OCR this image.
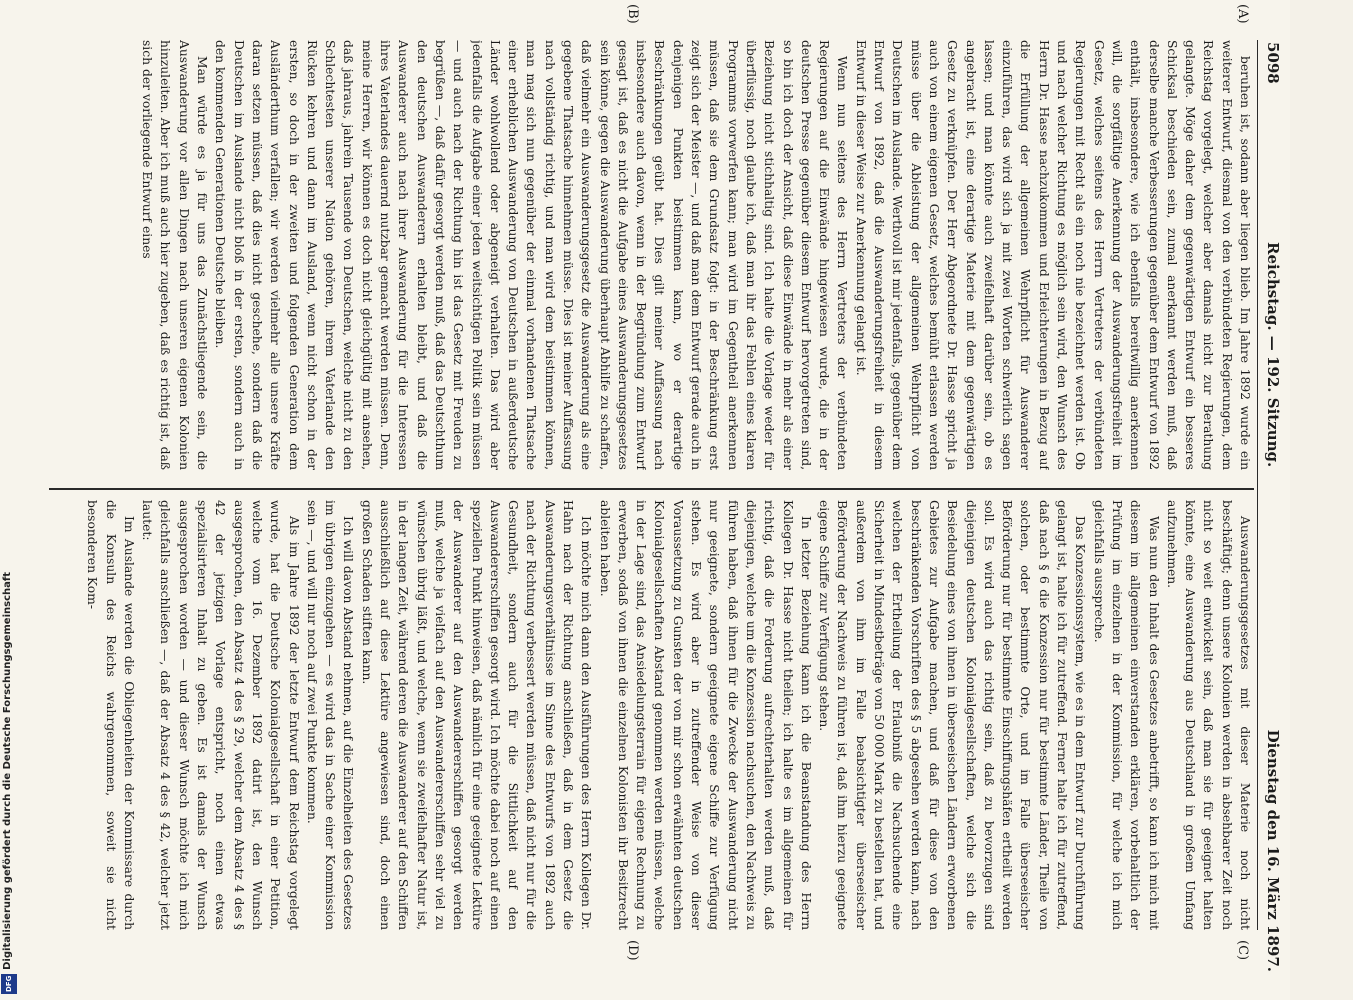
5098
Reichstag. — 192. Sitzung.
Dienstag den 16. März 1897.
(A)
(B)
(C)
(D)

beruhen ist, sodann aber liegen blieb. Im Jahre 1892 wurde ein weiterer Entwurf, diesmal von den verbündeten Regierungen, dem Reichstag vorgelegt, welcher aber damals nicht zur Berathung gelangte. Möge daher dem gegenwärtigen Entwurf ein besseres Schicksal beschieden sein, zumal anerkannt werden muß, daß derselbe manche Verbesserungen gegenüber dem Entwurf von 1892 enthält, insbesondere, wie ich ebenfalls bereitwillig anerkennen will, die sorgfältige Anerkennung der Auswanderungsfreiheit im Gesetz, welches seitens des Herrn Vertreters der verbündeten Regierungen mit Recht als ein noch nie bezeichnet werden ist. Ob und nach welcher Richtung es möglich sein wird, den Wunsch des Herrn Dr. Hasse nachzukommen und Erleichterungen in Bezug auf die Erfüllung der allgemeinen Wehrpflicht für Auswanderer einzuführen, das wird sich ja mit zwei Worten schwerlich sagen lassen; und man könnte auch zweifelhaft darüber sein, ob es angebracht ist, eine derartige Materie mit dem gegenwärtigen Gesetz zu verknüpfen. Der Herr Abgeordnete Dr. Hasse spricht ja auch von einem eigenen Gesetz, welches bemüht erlassen werden müsse über die Ableistung der allgemeinen Wehrpflicht von Deutschen im Auslande. Werthvoll ist mir jedenfalls, gegenüber dem Entwurf von 1892, daß die Auswanderungsfreiheit in diesem Entwurf in dieser Weise zur Anerkennung gelangt ist.

Wenn nun seitens des Herrn Vertreters der verbündeten Regierungen auf die Einwände hingewiesen wurde, die in der deutschen Presse gegenüber diesem Entwurf hervorgetreten sind, so bin ich doch der Ansicht, daß diese Einwände in mehr als einer Beziehung nicht stichhaltig sind. Ich halte die Vorlage weder für überflüssig, noch glaube ich, daß man ihr das Fehlen eines klaren Programms vorwerfen kann; man wird im Gegentheil anerkennen müssen, daß sie dem Grundsatz folgt: in der Beschränkung erst zeigt sich der Meister —, und daß man dem Entwurf gerade auch in denjenigen Punkten beistimmen kann, wo er derartige Beschränkungen geübt hat. Dies gilt meiner Auffassung nach insbesondere auch davon, wenn in der Begründung zum Entwurf gesagt ist, daß es nicht die Aufgabe eines Auswanderungsgesetzes sein könne, gegen die Auswanderung überhaupt Abhilfe zu schaffen, daß vielmehr ein Auswanderungsgesetz die Auswanderung als eine gegebene Thatsache hinnehmen müsse. Dies ist meiner Auffassung nach vollständig richtig, und man wird dem beistimmen können, man mag sich nun gegenüber der einmal vorhandenen Thatsache einer erheblichen Auswanderung von Deutschen in außerdeutsche Länder wohlwollend oder abgeneigt verhalten. Das wird aber jedenfalls die Aufgabe einer jeden weitsichtigen Politik sein müssen — und auch nach der Richtung hin ist das Gesetz mit Freuden zu begrüßen —, daß dafür gesorgt werden muß, daß das Deutschthum den deutschen Auswanderern erhalten bleibt, und daß die Auswanderer auch nach ihrer Auswanderung für die Interessen ihres Vaterlandes dauernd nutzbar gemacht werden müssen. Denn, meine Herren, wir können es doch nicht gleichgültig mit ansehen, daß jahraus, jahrein Tausende von Deutschen, welche nicht zu den Schlechtesten unserer Nation gehören, ihrem Vaterlande den Rücken kehren und dann im Ausland, wenn nicht schon in der ersten, so doch in der zweiten und folgenden Generation dem Ausländerthum verfallen; wir werden vielmehr alle unsere Kräfte daran setzen müssen, daß dies nicht geschehe, sondern daß die Deutschen im Auslande nicht bloß in der ersten, sondern auch in den kommenden Generationen Deutsche bleiben.

Man würde es ja für uns das Zunächstliegende sein, die Auswanderung vor allen Dingen nach unseren eigenen Kolonien hinzuleiten. Aber ich muß auch hier zugeben, daß es richtig ist, daß sich der vorliegende Entwurf eines

Auswanderungsgesetzes mit dieser Materie noch nicht beschäftigt; denn unsere Kolonien werden in absehbarer Zeit noch nicht so weit entwickelt sein, daß man sie für geeignet halten könnte, eine Auswanderung aus Deutschland in großem Umfang aufzunehmen.

Was nun den Inhalt des Gesetzes anbetrifft, so kann ich mich mit diesem im allgemeinen einverstanden erklären, vorbehaltlich der Prüfung im einzelnen in der Kommission, für welche ich mich gleichfalls ausspreche.

Das Konzessionssystem, wie es in dem Entwurf zur Durchführung gelangt ist, halte ich für zutreffend. Ferner halte ich für zutreffend, daß nach § 6 die Konzession nur für bestimmte Länder, Theile von solchen, oder bestimmte Orte, und im Falle überseeischer Beförderung nur für bestimmte Einschiffungshäfen ertheilt werden soll. Es wird auch das richtig sein, daß zu bevorzugen sind diejenigen deutschen Kolonialgesellschaften, welche sich die Besiedelung eines von ihnen in überseeischen Ländern erworbenen Gebietes zur Aufgabe machen, und daß für diese von den beschränkenden Vorschriften des § 5 abgesehen werden kann, nach welchen der Ertheilung der Erlaubniß die Nachsuchende eine Sicherheit in Mindestbeträge von 50 000 Mark zu bestellen hat, und außerdem von ihm im Falle beabsichtigter überseeischer Beförderung der Nachweis zu führen ist, daß ihm hierzu geeignete eigene Schiffe zur Verfügung stehen.

In letzter Beziehung kann ich die Beanstandung des Herrn Kollegen Dr. Hasse nicht theilen; ich halte es im allgemeinen für richtig, daß die Forderung aufrechterhalten werden muß, daß diejenigen, welche um die Konzession nachsuchen, den Nachweis zu führen haben, daß ihnen für die Zwecke der Auswanderung nicht nur geeignete, sondern geeignete eigene Schiffe zur Verfügung stehen. Es wird aber in zutreffender Weise von dieser Voraussetzung zu Gunsten der von mir schon erwähnten deutschen Kolonialgesellschaften Abstand genommen werden müssen, welche in der Lage sind, das Ansiedelungsterrain für eigene Rechnung zu erwerben, sodaß von ihnen die einzelnen Kolonisten ihr Besitzrecht ableiten haben.

Ich möchte mich dann den Ausführungen des Herrn Kollegen Dr. Hahn nach der Richtung anschließen, daß in dem Gesetz die Auswanderungsverhältnisse im Sinne des Entwurfs von 1892 auch nach der Richtung verbessert werden müssen, daß nicht nur für die Gesundheit, sondern auch für die Sittlichkeit auf den Auswandererschiffen gesorgt wird. Ich möchte dabei noch auf einen speziellen Punkt hinweisen, daß nämlich für eine geeignete Lektüre der Auswanderer auf den Auswandererschiffen gesorgt werden muß, welche ja vielfach auf den Auswandererschiffen sehr viel zu wünschen übrig läßt, und welche, wenn sie zweifelhafter Natur ist, in der langen Zeit, während deren die Auswanderer auf den Schiffen ausschließlich auf diese Lektüre angewiesen sind, doch einen großen Schaden stiften kann.

Ich will davon Abstand nehmen, auf die Einzelheiten des Gesetzes im übrigen einzugehen — es wird das in Sache einer Kommission sein —, und will nur noch auf zwei Punkte kommen.

Als im Jahre 1892 der letzte Entwurf dem Reichstag vorgelegt wurde, hat die Deutsche Kolonialgesellschaft in einer Petition, welche vom 16. Dezember 1892 datirt ist, den Wunsch ausgesprochen, den Absatz 4 des § 29, welcher dem Absatz 4 des § 42 der jetzigen Vorlage entspricht, noch einen etwas spezialisirteren Inhalt zu geben. Es ist damals der Wunsch ausgesprochen worden — und dieser Wunsch möchte ich mich gleichfalls anschließen —, daß der Absatz 4 des § 42, welcher jetzt lautet:

Im Auslande werden die Obliegenheiten der Kommissare durch die Konsuln des Reichs wahrgenommen, soweit sie nicht besonderen Kom-

Digitalisierung gefördert durch die Deutsche Forschungsgemeinschaft
DFG
